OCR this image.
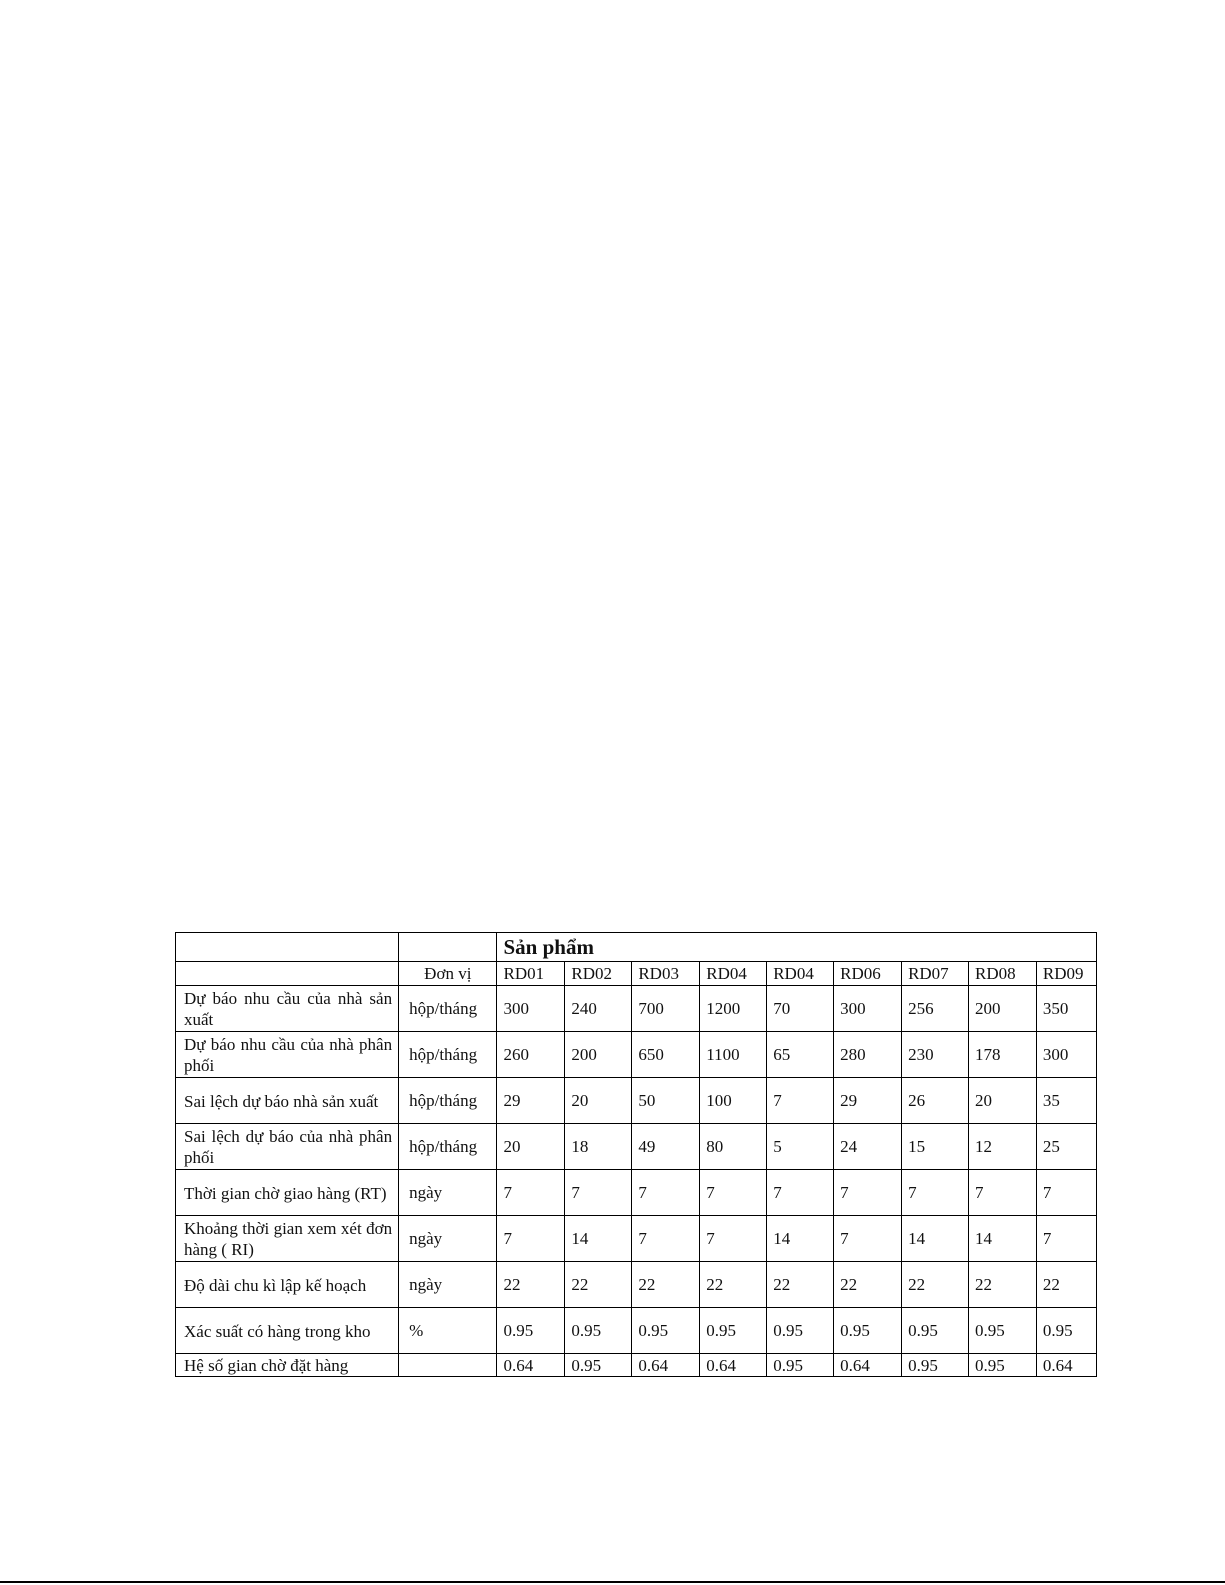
		Sản phẩm								
	Đơn vị	RD01	RD02	RD03	RD04	RD04	RD06	RD07	RD08	RD09
Dự báo nhu cầu của nhà sản xuất	hộp/tháng	300	240	700	1200	70	300	256	200	350
Dự báo nhu cầu của nhà phân phối	hộp/tháng	260	200	650	1100	65	280	230	178	300
Sai lệch dự báo nhà sản xuất	hộp/tháng	29	20	50	100	7	29	26	20	35
Sai lệch dự báo của nhà phân phối	hộp/tháng	20	18	49	80	5	24	15	12	25
Thời gian chờ giao hàng (RT)	ngày	7	7	7	7	7	7	7	7	7
Khoảng thời gian xem xét đơn hàng ( RI)	ngày	7	14	7	7	14	7	14	14	7
Độ dài chu kì lập kế hoạch	ngày	22	22	22	22	22	22	22	22	22
Xác suất có hàng trong kho	%	0.95	0.95	0.95	0.95	0.95	0.95	0.95	0.95	0.95
Hệ số gian chờ đặt hàng		0.64	0.95	0.64	0.64	0.95	0.64	0.95	0.95	0.64
